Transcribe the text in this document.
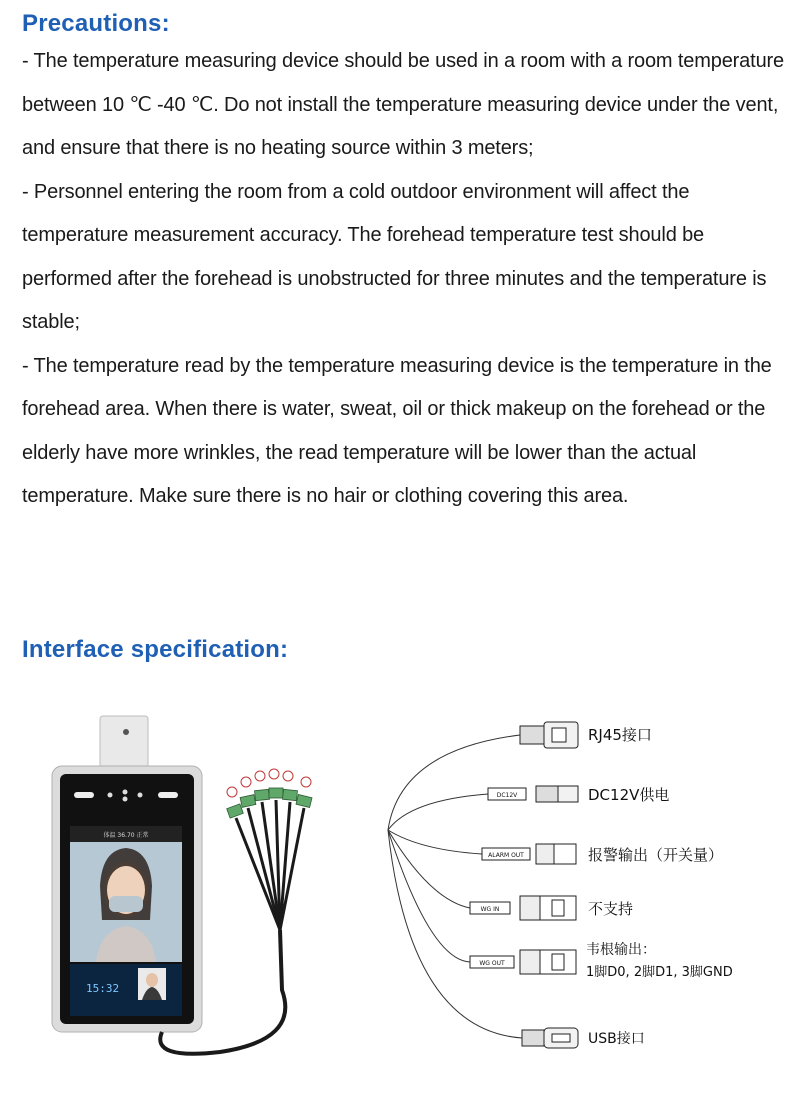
Precautions:

- The temperature measuring device should be used in a room with a room temperature between 10 ℃ -40 ℃. Do not install the temperature measuring device under the vent, and ensure that there is no heating source within 3 meters;

- Personnel entering the room from a cold outdoor environment will affect the temperature measurement accuracy. The forehead temperature test should be performed after the forehead is unobstructed for three minutes and the temperature is stable;

- The temperature read by the temperature measuring device is the temperature in the forehead area. When there is water, sweat, oil or thick makeup on the forehead or the elderly have more wrinkles, the read temperature will be lower than the actual temperature. Make sure there is no hair or clothing covering this area.

Interface specification:
体温 36.70 正常
15:32
RJ45接口
DC12V	DC12V供电
ALARM OUT	报警输出（开关量）
WG IN	不支持
WG OUT
韦根输出：
1脚D0, 2脚D1, 3脚GND
USB接口
